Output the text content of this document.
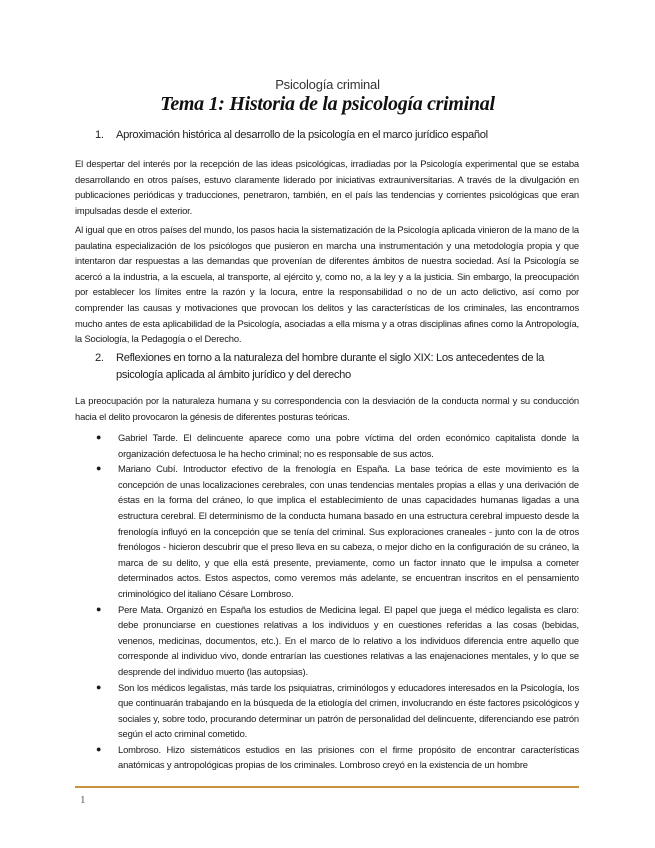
Psicología criminal
Tema 1: Historia de la psicología criminal
1. Aproximación histórica al desarrollo de la psicología en el marco jurídico español
El despertar del interés por la recepción de las ideas psicológicas, irradiadas por la Psicología experimental que se estaba desarrollando en otros países, estuvo claramente liderado por iniciativas extrauniversitarias. A través de la divulgación en publicaciones periódicas y traducciones, penetraron, también, en el país las tendencias y corrientes psicológicas que eran impulsadas desde el exterior.
Al igual que en otros países del mundo, los pasos hacia la sistematización de la Psicología aplicada vinieron de la mano de la paulatina especialización de los psicólogos que pusieron en marcha una instrumentación y una metodología propia y que intentaron dar respuestas a las demandas que provenían de diferentes ámbitos de nuestra sociedad. Así la Psicología se acercó a la industria, a la escuela, al transporte, al ejército y, como no, a la ley y a la justicia. Sin embargo, la preocupación por establecer los límites entre la razón y la locura, entre la responsabilidad o no de un acto delictivo, así como por comprender las causas y motivaciones que provocan los delitos y las características de los criminales, las encontramos mucho antes de esta aplicabilidad de la Psicología, asociadas a ella misma y a otras disciplinas afines como la Antropología, la Sociología, la Pedagogía o el Derecho.
2. Reflexiones en torno a la naturaleza del hombre durante el siglo XIX: Los antecedentes de la psicología aplicada al ámbito jurídico y del derecho
La preocupación por la naturaleza humana y su correspondencia con la desviación de la conducta normal y su conducción hacia el delito provocaron la génesis de diferentes posturas teóricas.
● Gabriel Tarde. El delincuente aparece como una pobre víctima del orden económico capitalista donde la organización defectuosa le ha hecho criminal; no es responsable de sus actos.
● Mariano Cubí. Introductor efectivo de la frenología en España. La base teórica de este movimiento es la concepción de unas localizaciones cerebrales, con unas tendencias mentales propias a ellas y una derivación de éstas en la forma del cráneo, lo que implica el establecimiento de unas capacidades humanas ligadas a una estructura cerebral. El determinismo de la conducta humana basado en una estructura cerebral impuesto desde la frenología influyó en la concepción que se tenía del criminal. Sus exploraciones craneales - junto con la de otros frenólogos - hicieron descubrir que el preso lleva en su cabeza, o mejor dicho en la configuración de su cráneo, la marca de su delito, y que ella está presente, previamente, como un factor innato que le impulsa a cometer determinados actos. Estos aspectos, como veremos más adelante, se encuentran inscritos en el pensamiento criminológico del italiano Césare Lombroso.
● Pere Mata. Organizó en España los estudios de Medicina legal. El papel que juega el médico legalista es claro: debe pronunciarse en cuestiones relativas a los individuos y en cuestiones referidas a las cosas (bebidas, venenos, medicinas, documentos, etc.). En el marco de lo relativo a los individuos diferencia entre aquello que corresponde al individuo vivo, donde entrarían las cuestiones relativas a las enajenaciones mentales, y lo que se desprende del individuo muerto (las autopsias).
● Son los médicos legalistas, más tarde los psiquiatras, criminólogos y educadores interesados en la Psicología, los que continuarán trabajando en la búsqueda de la etiología del crimen, involucrando en éste factores psicológicos y sociales y, sobre todo, procurando determinar un patrón de personalidad del delincuente, diferenciando ese patrón según el acto criminal cometido.
● Lombroso. Hizo sistemáticos estudios en las prisiones con el firme propósito de encontrar características anatómicas y antropológicas propias de los criminales. Lombroso creyó en la existencia de un hombre
1
